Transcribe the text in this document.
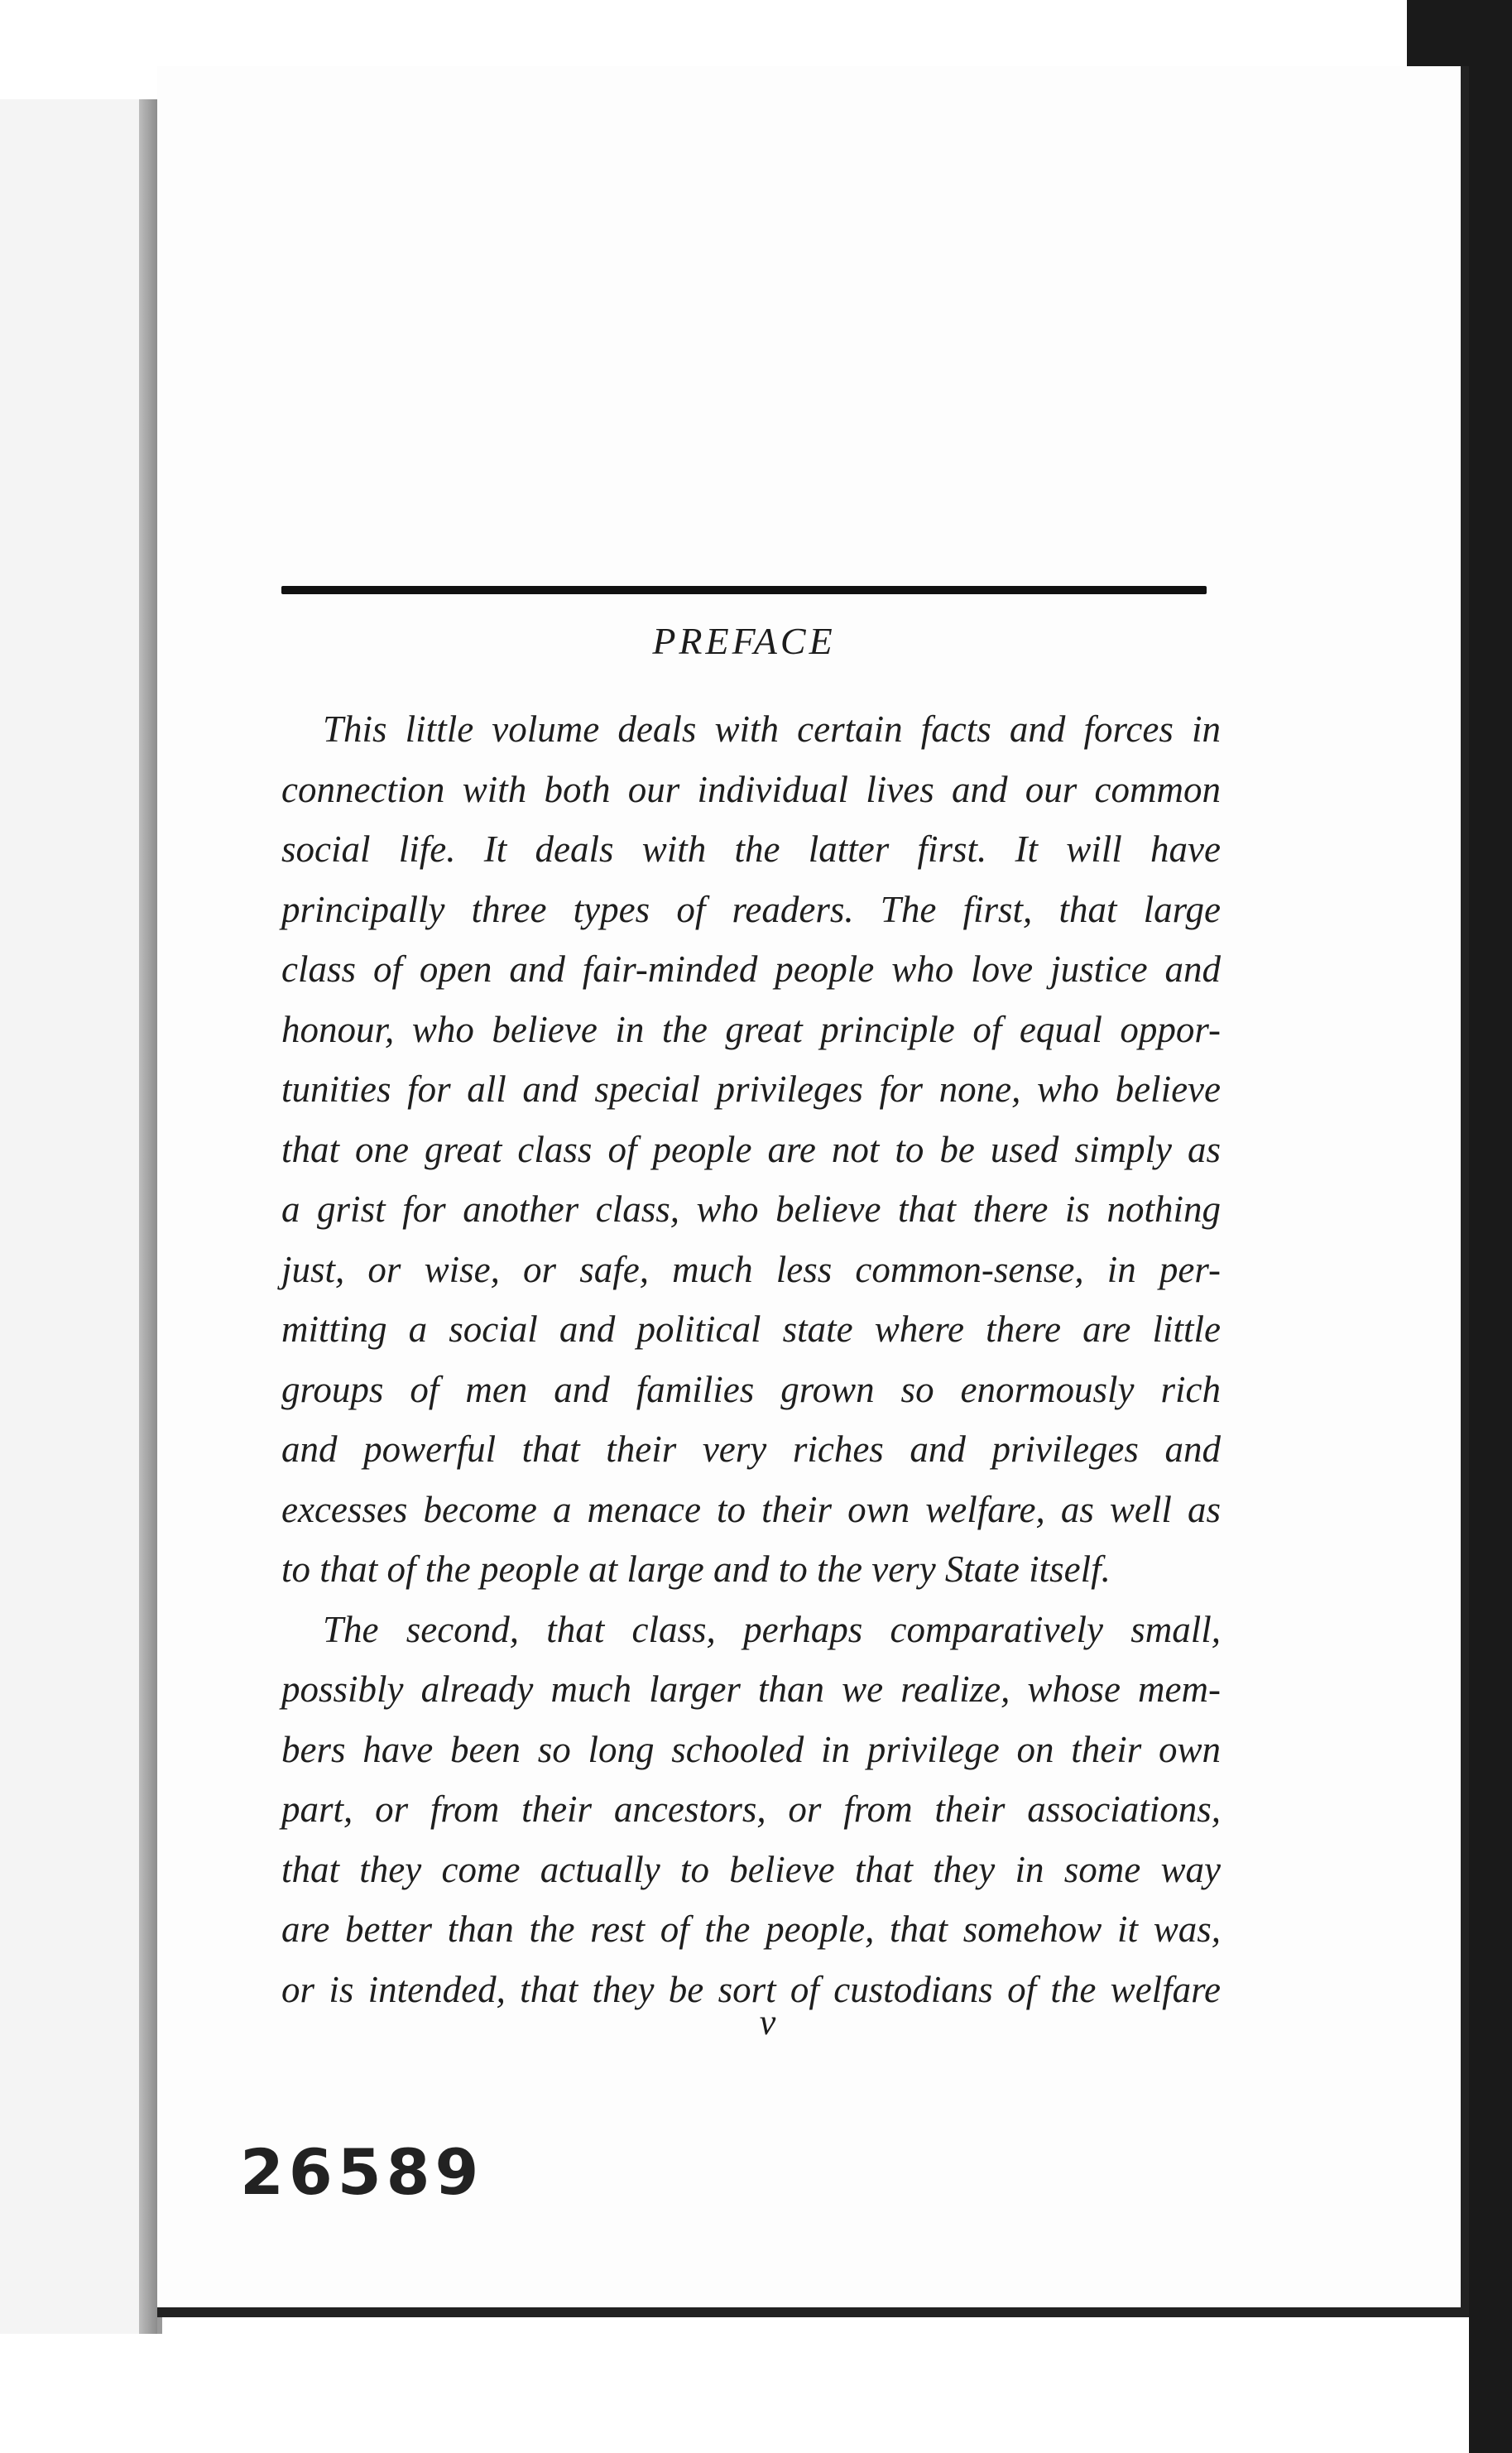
PREFACE
This little volume deals with certain facts and forces in
connection with both our individual lives and our common
social life. It deals with the latter first. It will have
principally three types of readers. The first, that large
class of open and fair-minded people who love justice and
honour, who believe in the great principle of equal oppor-
tunities for all and special privileges for none, who believe
that one great class of people are not to be used simply as
a grist for another class, who believe that there is nothing
just, or wise, or safe, much less common-sense, in per-
mitting a social and political state where there are little
groups of men and families grown so enormously rich
and powerful that their very riches and privileges and
excesses become a menace to their own welfare, as well as
to that of the people at large and to the very State itself.
The second, that class, perhaps comparatively small,
possibly already much larger than we realize, whose mem-
bers have been so long schooled in privilege on their own
part, or from their ancestors, or from their associations,
that they come actually to believe that they in some way
are better than the rest of the people, that somehow it was,
or is intended, that they be sort of custodians of the welfare
v
26589
